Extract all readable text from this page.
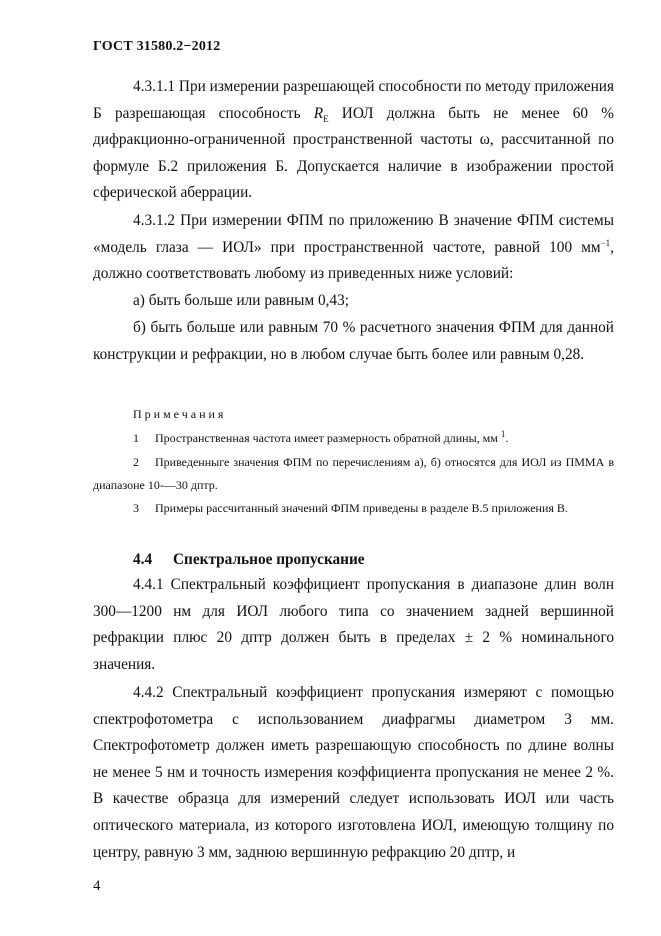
ГОСТ 31580.2−2012

4.3.1.1 При измерении разрешающей способности по методу приложения Б разрешающая способность $R_E$ ИОЛ должна быть не менее 60 % дифракционно-ограниченной пространственной частоты ω, рассчитанной по формуле Б.2 приложения Б. Допускается наличие в изображении простой сферической аберрации.

4.3.1.2 При измерении ФПМ по приложению В значение ФПМ системы «модель глаза — ИОЛ» при пространственной частоте, равной 100 $мм^{-1}$, должно соответствовать любому из приведенных ниже условий:

а) быть больше или равным 0,43;

б) быть больше или равным 70 % расчетного значения ФПМ для данной конструкции и рефракции, но в любом случае быть более или равным 0,28.

Примечания

1 Пространственная частота имеет размерность обратной длины, мм $^1$.

2 Приведенныге значения ФПМ по перечислениям а), б) относятся для ИОЛ из ПММА в диапазоне 10-—30 дптр.

3 Примеры рассчитанный значений ФПМ приведены в разделе В.5 приложения В.

4.4 Спектральное пропускание

4.4.1 Спектральный коэффициент пропускания в диапазоне длин волн 300—1200 нм для ИОЛ любого типа со значением задней вершинной рефракции плюс 20 дптр должен быть в пределах ± 2 % номинального значения.

4.4.2 Спектральный коэффициент пропускания измеряют с помощью спектрофотометра с использованием диафрагмы диаметром 3 мм. Спектрофотометр должен иметь разрешающую способность по длине волны не менее 5 нм и точность измерения коэффициента пропускания не менее 2 %. В качестве образца для измерений следует использовать ИОЛ или часть оптического материала, из которого изготовлена ИОЛ, имеющую толщину по центру, равную 3 мм, заднюю вершинную рефракцию 20 дптр, и

4
